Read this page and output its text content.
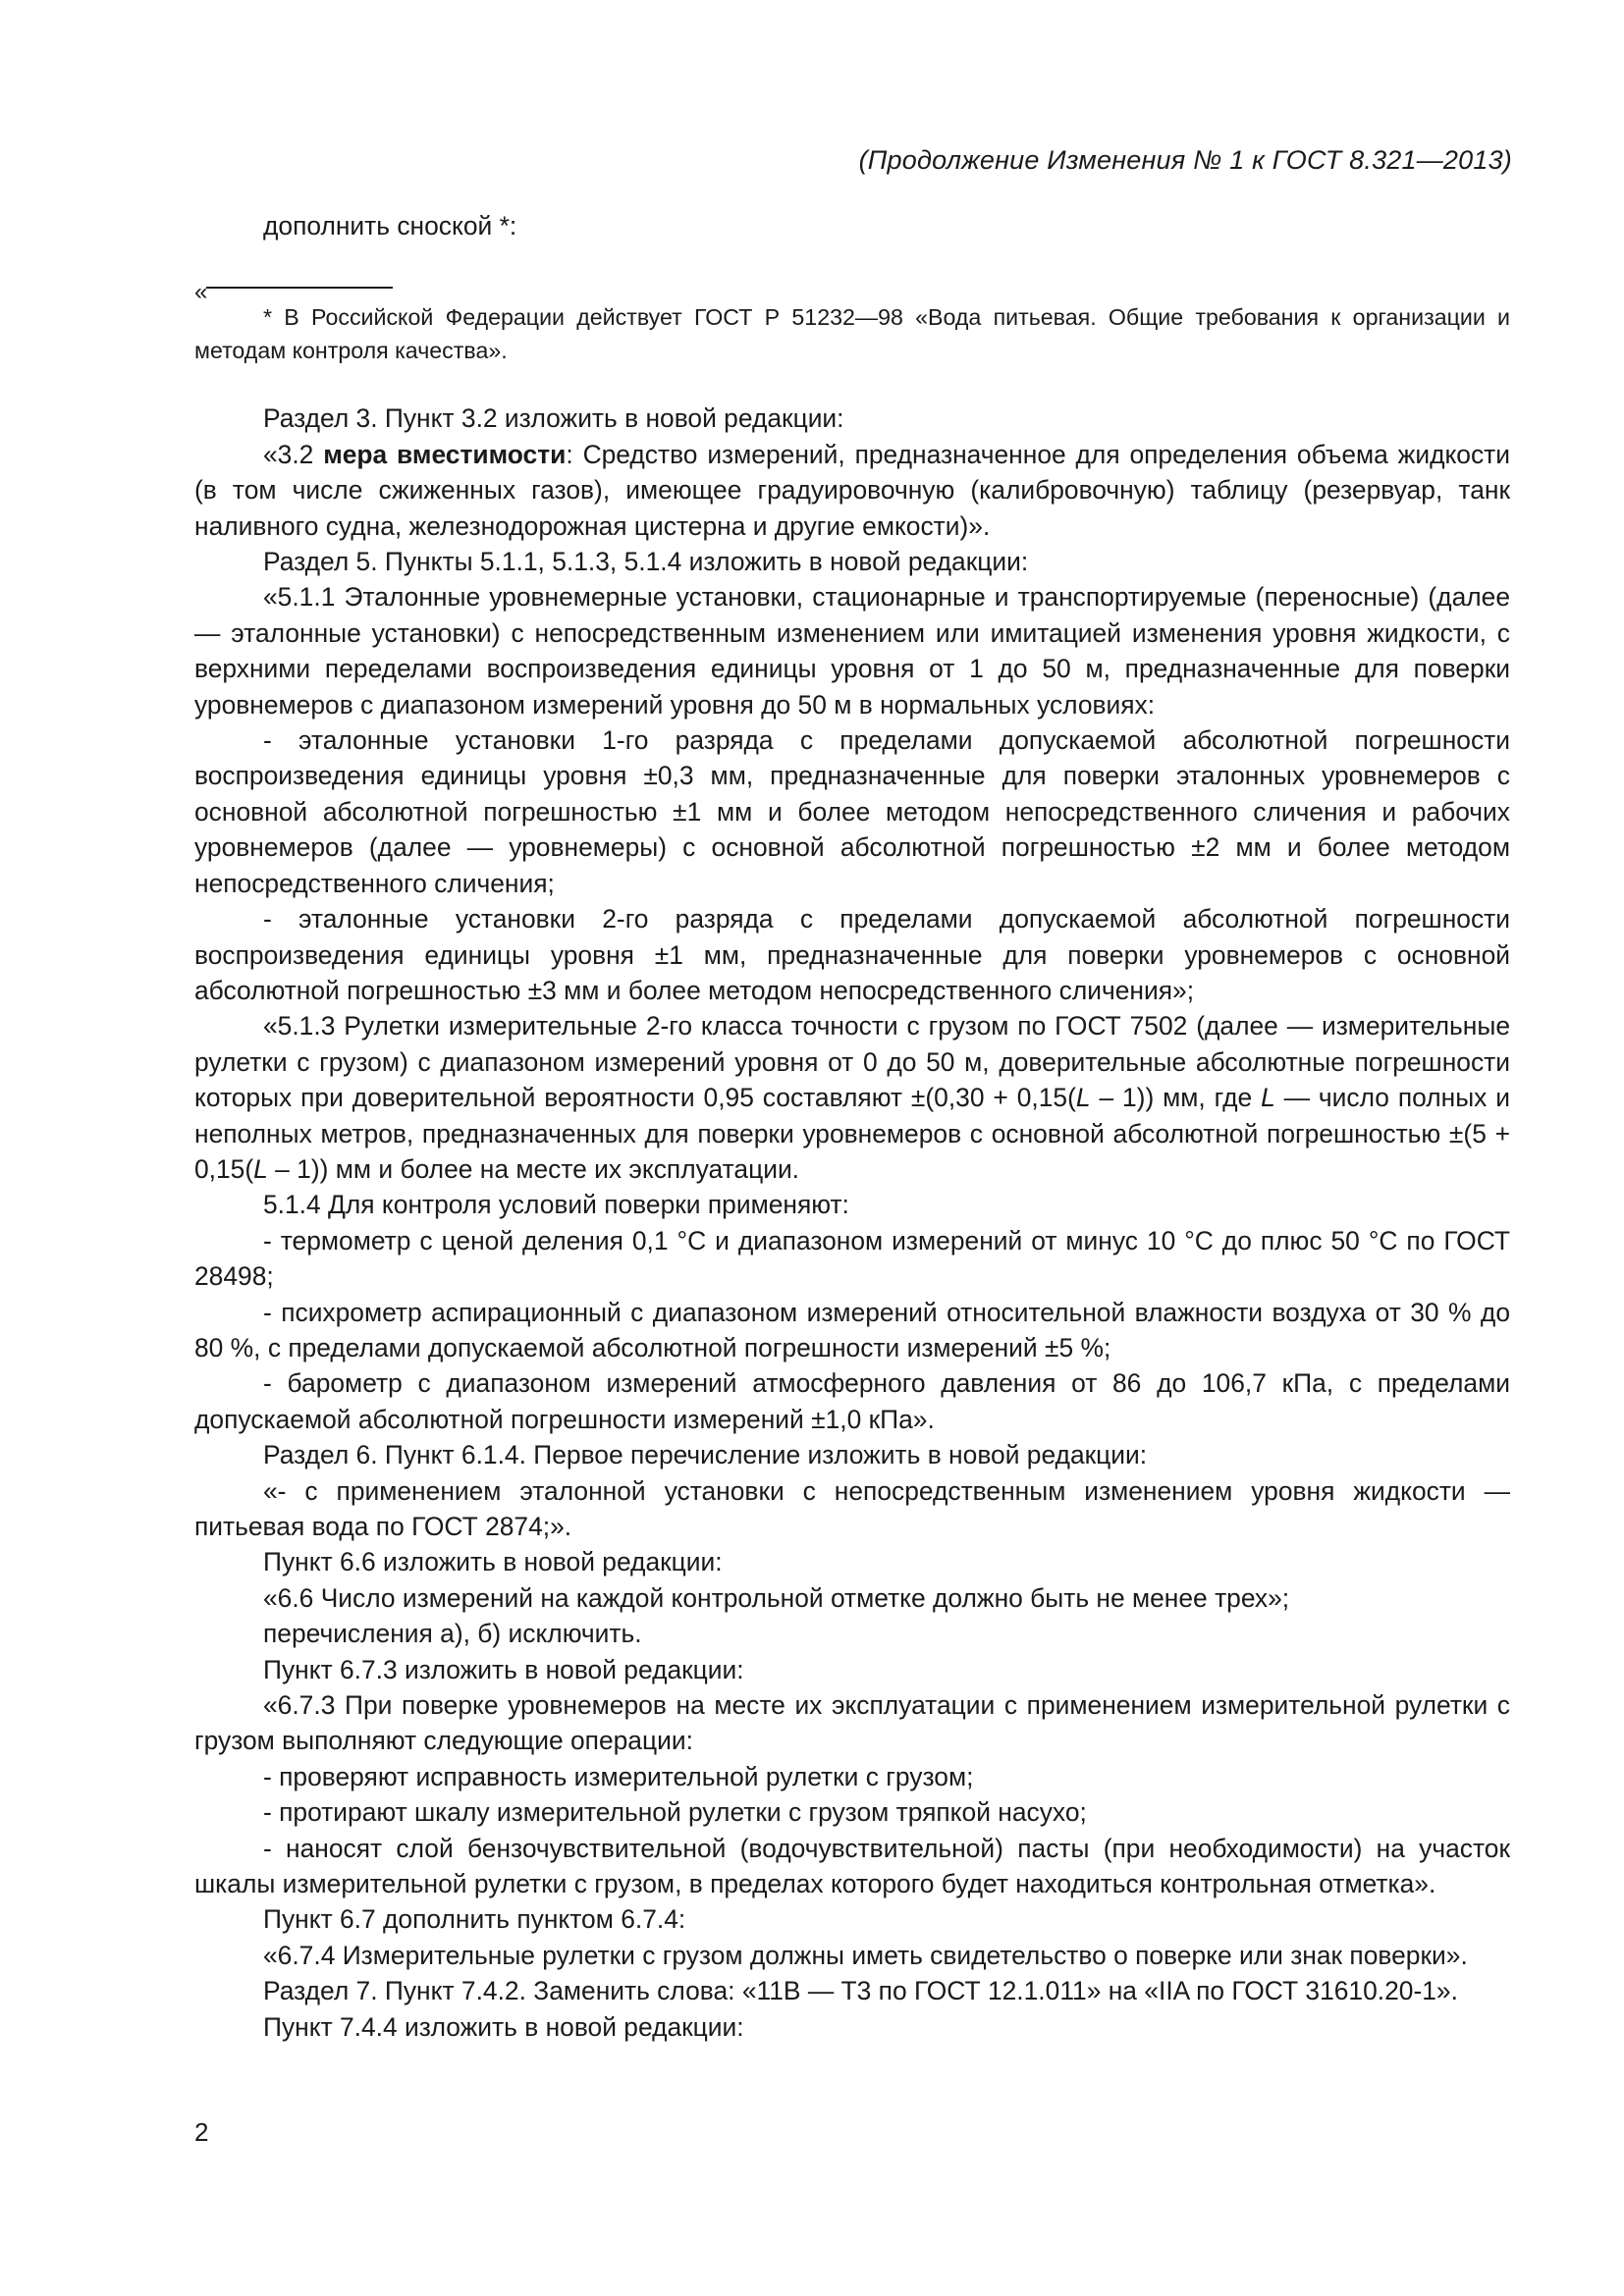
(Продолжение Изменения № 1 к ГОСТ 8.321—2013)

дополнить сноской *:

«

* В Российской Федерации действует ГОСТ Р 51232—98 «Вода питьевая. Общие требования к организации и методам контроля качества».

Раздел 3. Пункт 3.2 изложить в новой редакции:

«3.2 мера вместимости: Средство измерений, предназначенное для определения объема жидкости (в том числе сжиженных газов), имеющее градуировочную (калибровочную) таблицу (резервуар, танк наливного судна, железнодорожная цистерна и другие емкости)».

Раздел 5. Пункты 5.1.1, 5.1.3, 5.1.4 изложить в новой редакции:

«5.1.1 Эталонные уровнемерные установки, стационарные и транспортируемые (переносные) (далее — эталонные установки) с непосредственным изменением или имитацией изменения уровня жидкости, с верхними переделами воспроизведения единицы уровня от 1 до 50 м, предназначенные для поверки уровнемеров с диапазоном измерений уровня до 50 м в нормальных условиях:

- эталонные установки 1-го разряда с пределами допускаемой абсолютной погрешности воспроизведения единицы уровня ±0,3 мм, предназначенные для поверки эталонных уровнемеров с основной абсолютной погрешностью ±1 мм и более методом непосредственного сличения и рабочих уровнемеров (далее — уровнемеры) с основной абсолютной погрешностью ±2 мм и более методом непосредственного сличения;

- эталонные установки 2-го разряда с пределами допускаемой абсолютной погрешности воспроизведения единицы уровня ±1 мм, предназначенные для поверки уровнемеров с основной абсолютной погрешностью ±3 мм и более методом непосредственного сличения»;

«5.1.3 Рулетки измерительные 2-го класса точности с грузом по ГОСТ 7502 (далее — измерительные рулетки с грузом) с диапазоном измерений уровня от 0 до 50 м, доверительные абсолютные погрешности которых при доверительной вероятности 0,95 составляют ±(0,30 + 0,15(L – 1)) мм, где L — число полных и неполных метров, предназначенных для поверки уровнемеров с основной абсолютной погрешностью ±(5 + 0,15(L – 1)) мм и более на месте их эксплуатации.

5.1.4 Для контроля условий поверки применяют:

- термометр с ценой деления 0,1 °С и диапазоном измерений от минус 10 °С до плюс 50 °С по ГОСТ 28498;

- психрометр аспирационный с диапазоном измерений относительной влажности воздуха от 30 % до 80 %, с пределами допускаемой абсолютной погрешности измерений ±5 %;

- барометр с диапазоном измерений атмосферного давления от 86 до 106,7 кПа, с пределами допускаемой абсолютной погрешности измерений ±1,0 кПа».

Раздел 6. Пункт 6.1.4. Первое перечисление изложить в новой редакции:

«- с применением эталонной установки с непосредственным изменением уровня жидкости — питьевая вода по ГОСТ 2874;».

Пункт 6.6 изложить в новой редакции:

«6.6 Число измерений на каждой контрольной отметке должно быть не менее трех»;

перечисления а), б) исключить.

Пункт 6.7.3 изложить в новой редакции:

«6.7.3 При поверке уровнемеров на месте их эксплуатации с применением измерительной рулетки с грузом выполняют следующие операции:

- проверяют исправность измерительной рулетки с грузом;

- протирают шкалу измерительной рулетки с грузом тряпкой насухо;

- наносят слой бензочувствительной (водочувствительной) пасты (при необходимости) на участок шкалы измерительной рулетки с грузом, в пределах которого будет находиться контрольная отметка».

Пункт 6.7 дополнить пунктом 6.7.4:

«6.7.4 Измерительные рулетки с грузом должны иметь свидетельство о поверке или знак поверки».

Раздел 7. Пункт 7.4.2. Заменить слова: «11В — Т3 по ГОСТ 12.1.011» на «IIA по ГОСТ 31610.20-1».

Пункт 7.4.4 изложить в новой редакции:

2
